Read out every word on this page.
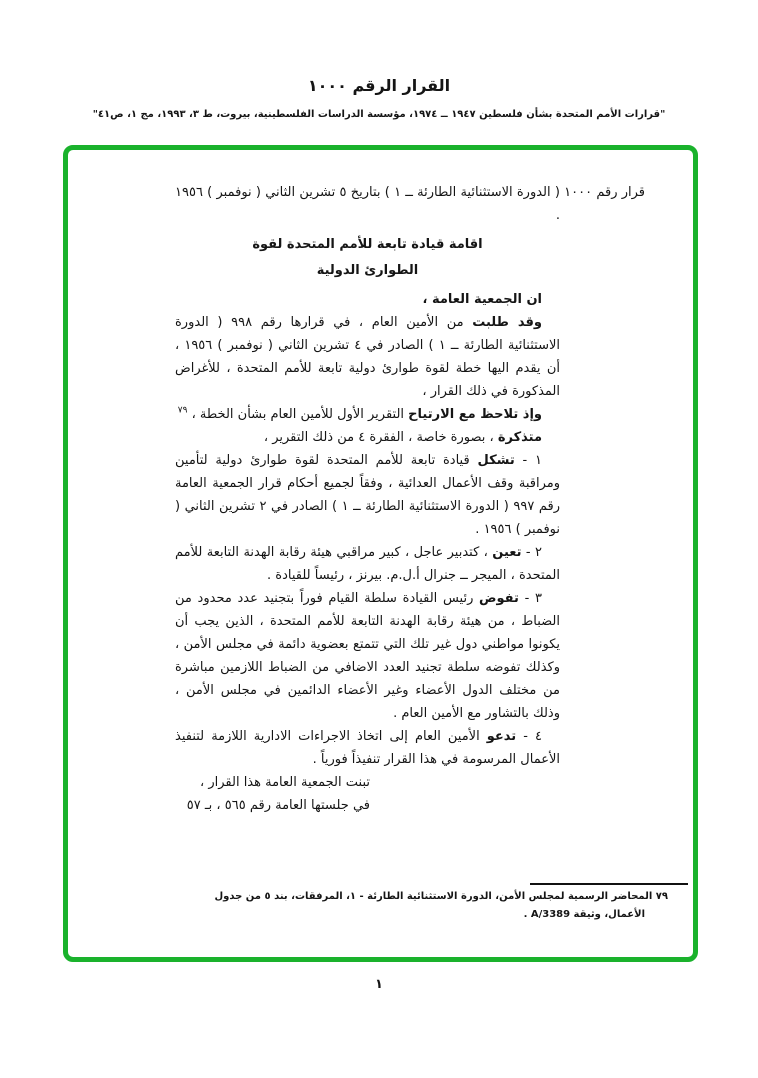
القرار الرقم ١٠٠٠
"قرارات الأمم المتحدة بشأن فلسطين ١٩٤٧ ــ ١٩٧٤، مؤسسة الدراسات الفلسطينية، بيروت، ط ٣، ١٩٩٣، مج ١، ص٤١"

قرار رقم ١٠٠٠ ( الدورة الاستثنائية الطارئة ــ ١ ) بتاريخ ٥ تشرين الثاني ( نوفمبر ) ١٩٥٦ .

اقامة قيادة تابعة للأمم المتحدة لقوة
الطوارئ الدولية

ان الجمعية العامة ،

وقد طلبت من الأمين العام ، في قرارها رقم ٩٩٨ ( الدورة الاستثنائية الطارئة ــ ١ ) الصادر في ٤ تشرين الثاني ( نوفمبر ) ١٩٥٦ ، أن يقدم اليها خطة لقوة طوارئ دولية تابعة للأمم المتحدة ، للأغراض المذكورة في ذلك القرار ،

وإذ تلاحظ مع الارتياح التقرير الأول للأمين العام بشأن الخطة ، $^{٧٩}$

متذكرة ، بصورة خاصة ، الفقرة ٤ من ذلك التقرير ،

١ - تشكل قيادة تابعة للأمم المتحدة لقوة طوارئ دولية لتأمين ومراقبة وقف الأعمال العدائية ، وفقاً لجميع أحكام قرار الجمعية العامة رقم ٩٩٧ ( الدورة الاستثنائية الطارئة ــ ١ ) الصادر في ٢ تشرين الثاني ( نوفمبر ) ١٩٥٦ .

٢ - تعين ، كتدبير عاجل ، كبير مراقبي هيئة رقابة الهدنة التابعة للأمم المتحدة ، الميجر ــ جنرال أ.ل.م. بيرنز ، رئيساً للقيادة .

٣ - تفوض رئيس القيادة سلطة القيام فوراً بتجنيد عدد محدود من الضباط ، من هيئة رقابة الهدنة التابعة للأمم المتحدة ، الذين يجب أن يكونوا مواطني دول غير تلك التي تتمتع بعضوية دائمة في مجلس الأمن ، وكذلك تفوضه سلطة تجنيد العدد الاضافي من الضباط اللازمين مباشرة من مختلف الدول الأعضاء وغير الأعضاء الدائمين في مجلس الأمن ، وذلك بالتشاور مع الأمين العام .

٤ - تدعو الأمين العام إلى اتخاذ الاجراءات الادارية اللازمة لتنفيذ الأعمال المرسومة في هذا القرار تنفيذاً فورياً .

تبنت الجمعية العامة هذا القرار ،

في جلستها العامة رقم ٥٦٥ ، بـ ٥٧

٧٩ المحاضر الرسمية لمجلس الأمن، الدورة الاستثنائية الطارئة - ١، المرفقات، بند ٥ من جدول
الأعمال، وثيقة A/3389 .
١
